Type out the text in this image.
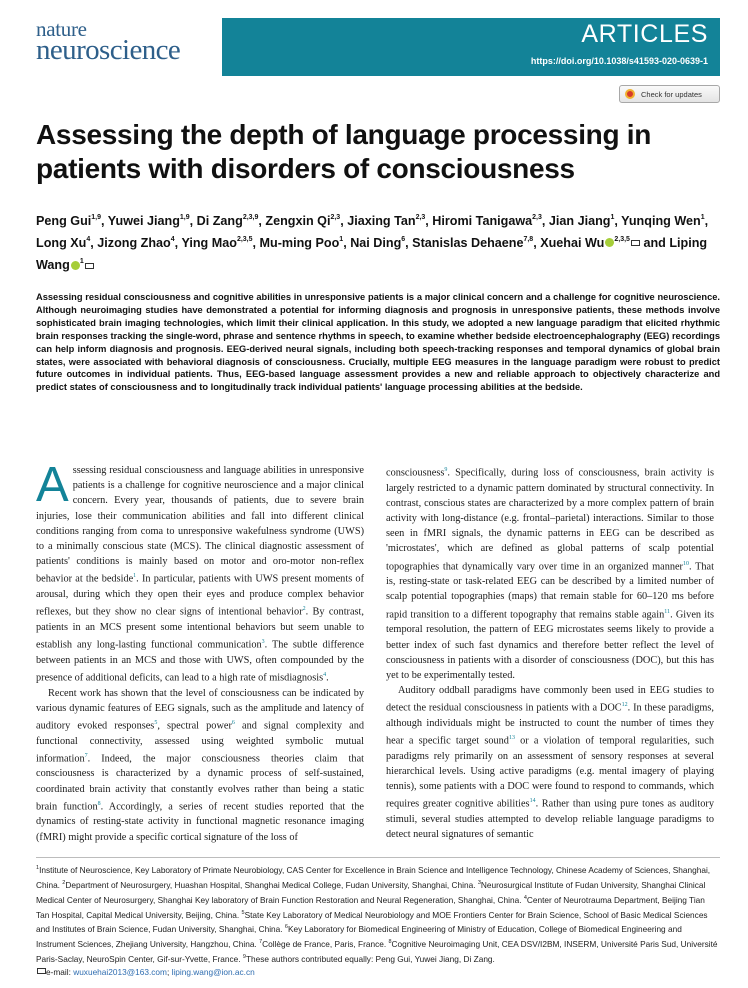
nature
neuroscience
ARTICLES
https://doi.org/10.1038/s41593-020-0639-1
Check for updates
Assessing the depth of language processing in patients with disorders of consciousness
Peng Gui$^{1,9}$, Yuwei Jiang$^{1,9}$, Di Zang$^{2,3,9}$, Zengxin Qi$^{2,3}$, Jiaxing Tan$^{2,3}$, Hiromi Tanigawa$^{2,3}$, Jian Jiang$^1$, Yunqing Wen$^1$, Long Xu$^4$, Jizong Zhao$^4$, Ying Mao$^{2,3,5}$, Mu-ming Poo$^1$, Nai Ding$^6$, Stanislas Dehaene$^{7,8}$, Xuehai Wu $^{2,3,5}$ and Liping Wang $^1$

Assessing residual consciousness and cognitive abilities in unresponsive patients is a major clinical concern and a challenge for cognitive neuroscience. Although neuroimaging studies have demonstrated a potential for informing diagnosis and prognosis in unresponsive patients, these methods involve sophisticated brain imaging technologies, which limit their clinical application. In this study, we adopted a new language paradigm that elicited rhythmic brain responses tracking the single-word, phrase and sentence rhythms in speech, to examine whether bedside electroencephalography (EEG) recordings can help inform diagnosis and prognosis. EEG-derived neural signals, including both speech-tracking responses and temporal dynamics of global brain states, were associated with behavioral diagnosis of consciousness. Crucially, multiple EEG measures in the language paradigm were robust to predict future outcomes in individual patients. Thus, EEG-based language assessment provides a new and reliable approach to objectively characterize and predict states of consciousness and to longitudinally track individual patients' language processing abilities at the bedside.

Assessing residual consciousness and language abilities in unresponsive patients is a challenge for cognitive neuroscience and a major clinical concern. Every year, thousands of patients, due to severe brain injuries, lose their communication abilities and fall into different clinical conditions ranging from coma to unresponsive wakefulness syndrome (UWS) to a minimally conscious state (MCS). The clinical diagnostic assessment of patients' conditions is mainly based on motor and oro-motor non-reflex behavior at the bedside$^1$. In particular, patients with UWS present moments of arousal, during which they open their eyes and produce complex behavior reflexes, but they show no clear signs of intentional behavior$^2$. By contrast, patients in an MCS present some intentional behaviors but seem unable to establish any long-lasting functional communication$^3$. The subtle difference between patients in an MCS and those with UWS, often compounded by the presence of additional deficits, can lead to a high rate of misdiagnosis$^4$.

Recent work has shown that the level of consciousness can be indicated by various dynamic features of EEG signals, such as the amplitude and latency of auditory evoked responses$^5$, spectral power$^6$ and signal complexity and functional connectivity, assessed using weighted symbolic mutual information$^7$. Indeed, the major consciousness theories claim that consciousness is characterized by a dynamic process of self-sustained, coordinated brain activity that constantly evolves rather than being a static brain function$^8$. Accordingly, a series of recent studies reported that the dynamics of resting-state activity in functional magnetic resonance imaging (fMRI) might provide a specific cortical signature of the loss of

consciousness$^9$. Specifically, during loss of consciousness, brain activity is largely restricted to a dynamic pattern dominated by structural connectivity. In contrast, conscious states are characterized by a more complex pattern of brain activity with long-distance (e.g. frontal–parietal) interactions. Similar to those seen in fMRI signals, the dynamic patterns in EEG can be described as 'microstates', which are defined as global patterns of scalp potential topographies that dynamically vary over time in an organized manner$^{10}$. That is, resting-state or task-related EEG can be described by a limited number of scalp potential topographies (maps) that remain stable for 60–120 ms before rapid transition to a different topography that remains stable again$^{11}$. Given its temporal resolution, the pattern of EEG microstates seems likely to provide a better index of such fast dynamics and therefore better reflect the level of consciousness in patients with a disorder of consciousness (DOC), but this has yet to be experimentally tested.

Auditory oddball paradigms have commonly been used in EEG studies to detect the residual consciousness in patients with a DOC$^{12}$. In these paradigms, although individuals might be instructed to count the number of times they hear a specific target sound$^{13}$ or a violation of temporal regularities, such paradigms rely primarily on an assessment of sensory responses at several hierarchical levels. Using active paradigms (e.g. mental imagery of playing tennis), some patients with a DOC were found to respond to commands, which requires greater cognitive abilities$^{14}$. Rather than using pure tones as auditory stimuli, several studies attempted to develop reliable language paradigms to detect neural signatures of semantic

$^1$Institute of Neuroscience, Key Laboratory of Primate Neurobiology, CAS Center for Excellence in Brain Science and Intelligence Technology, Chinese Academy of Sciences, Shanghai, China. $^2$Department of Neurosurgery, Huashan Hospital, Shanghai Medical College, Fudan University, Shanghai, China. $^3$Neurosurgical Institute of Fudan University, Shanghai Clinical Medical Center of Neurosurgery, Shanghai Key laboratory of Brain Function Restoration and Neural Regeneration, Shanghai, China. $^4$Center of Neurotrauma Department, Beijing Tian Tan Hospital, Capital Medical University, Beijing, China. $^5$State Key Laboratory of Medical Neurobiology and MOE Frontiers Center for Brain Science, School of Basic Medical Sciences and Institutes of Brain Science, Fudan University, Shanghai, China. $^6$Key Laboratory for Biomedical Engineering of Ministry of Education, College of Biomedical Engineering and Instrument Sciences, Zhejiang University, Hangzhou, China. $^7$Collège de France, Paris, France. $^8$Cognitive Neuroimaging Unit, CEA DSV/I2BM, INSERM, Université Paris Sud, Université Paris-Saclay, NeuroSpin Center, Gif-sur-Yvette, France. $^9$These authors contributed equally: Peng Gui, Yuwei Jiang, Di Zang.
e-mail: wuxuehai2013@163.com; liping.wang@ion.ac.cn
